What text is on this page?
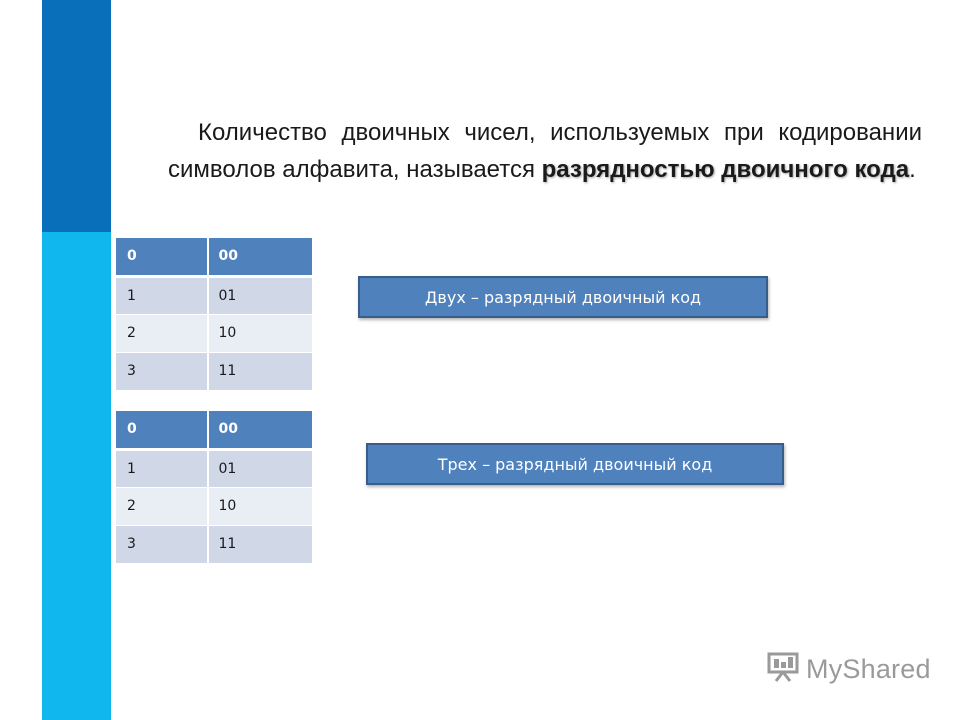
Количество двоичных чисел, используемых при кодировании символов алфавита, называется разрядностью двоичного кода.

0	00
1	01
2	10
3	11
0	00
1	01
2	10
3	11
Двух – разрядный двоичный код
Трех – разрядный двоичный код
MyShared
